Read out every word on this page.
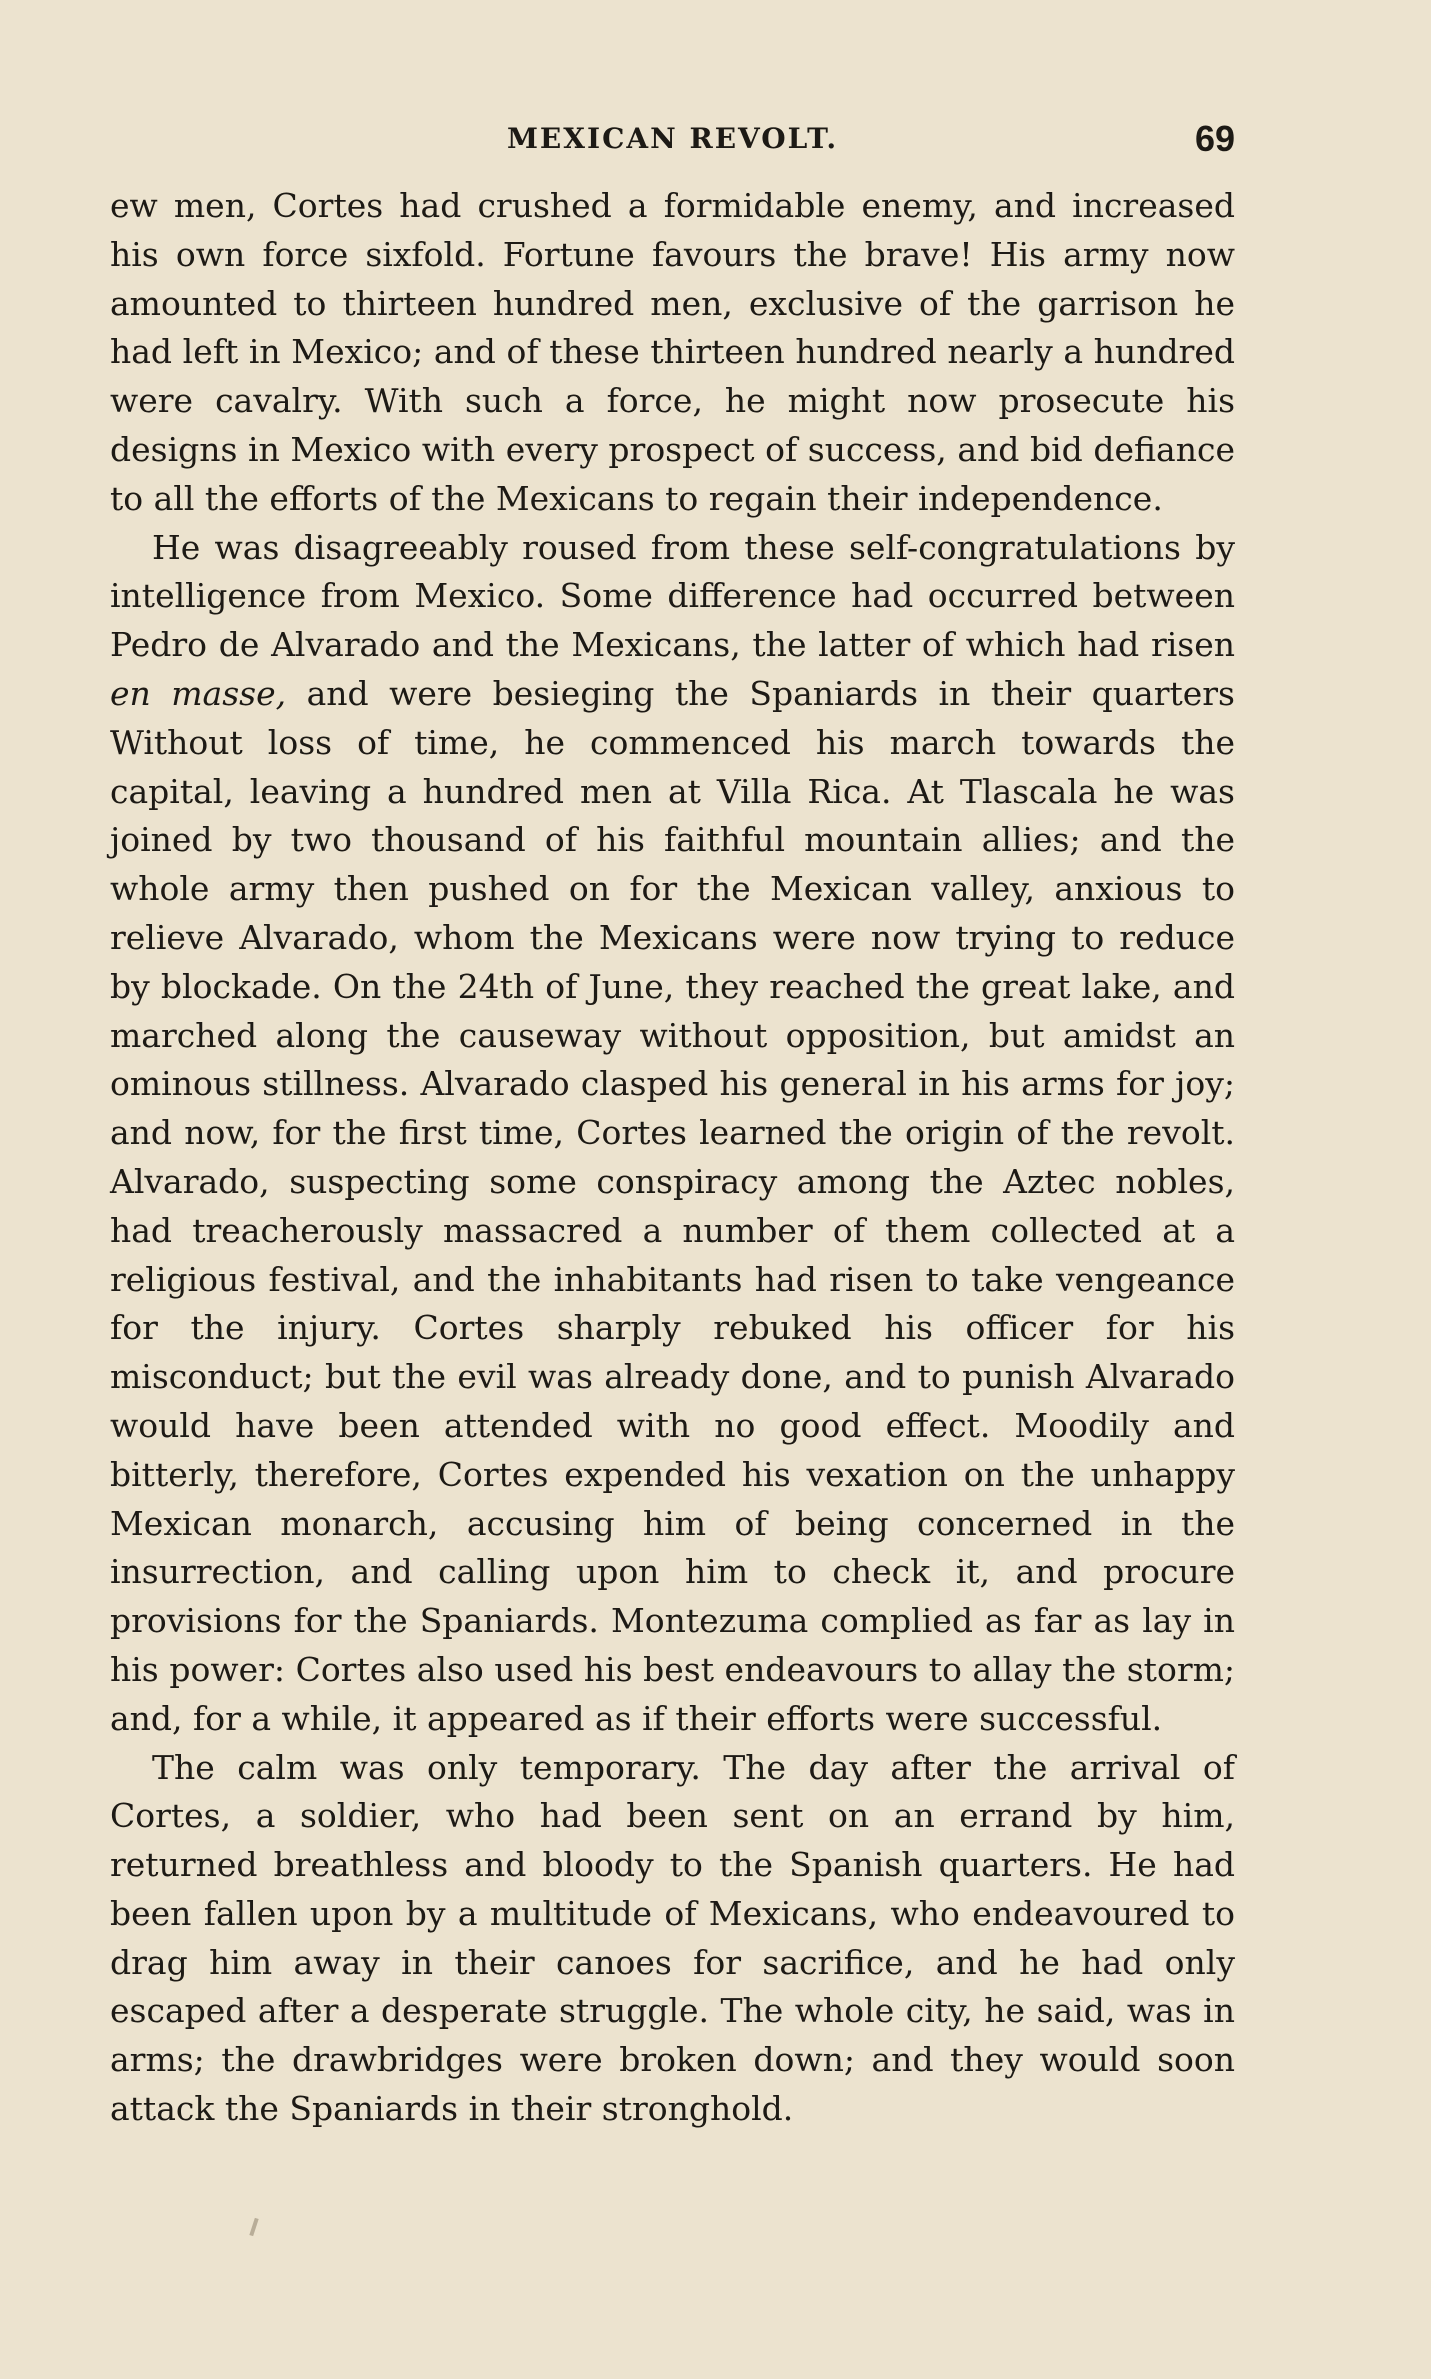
MEXICAN REVOLT.	69

ew men, Cortes had crushed a formidable enemy, and increased his own force sixfold. Fortune favours the brave! His army now amounted to thirteen hundred men, exclusive of the garrison he had left in Mexico; and of these thirteen hundred nearly a hundred were cavalry. With such a force, he might now prosecute his designs in Mexico with every prospect of success, and bid defiance to all the efforts of the Mexicans to regain their independence.

He was disagreeably roused from these self-congratulations by intelligence from Mexico. Some difference had occurred between Pedro de Alvarado and the Mexicans, the latter of which had risen en masse, and were besieging the Spaniards in their quarters Without loss of time, he commenced his march towards the capital, leaving a hundred men at Villa Rica. At Tlascala he was joined by two thousand of his faithful mountain allies; and the whole army then pushed on for the Mexican valley, anxious to relieve Alvarado, whom the Mexicans were now trying to reduce by blockade. On the 24th of June, they reached the great lake, and marched along the causeway without opposition, but amidst an ominous stillness. Alvarado clasped his general in his arms for joy; and now, for the first time, Cortes learned the origin of the revolt. Alvarado, suspecting some conspiracy among the Aztec nobles, had treacherously massacred a number of them collected at a religious festival, and the inhabitants had risen to take vengeance for the injury. Cortes sharply rebuked his officer for his misconduct; but the evil was already done, and to punish Alvarado would have been attended with no good effect. Moodily and bitterly, therefore, Cortes expended his vexation on the unhappy Mexican monarch, accusing him of being concerned in the insurrection, and calling upon him to check it, and procure provisions for the Spaniards. Montezuma complied as far as lay in his power: Cortes also used his best endeavours to allay the storm; and, for a while, it appeared as if their efforts were successful.

The calm was only temporary. The day after the arrival of Cortes, a soldier, who had been sent on an errand by him, returned breathless and bloody to the Spanish quarters. He had been fallen upon by a multitude of Mexicans, who endeavoured to drag him away in their canoes for sacrifice, and he had only escaped after a desperate struggle. The whole city, he said, was in arms; the drawbridges were broken down; and they would soon attack the Spaniards in their stronghold.
